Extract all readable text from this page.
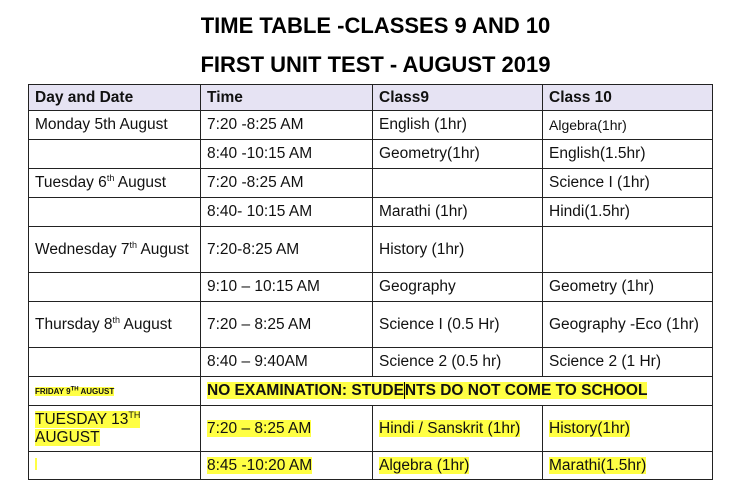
TIME TABLE -CLASSES 9 AND 10
FIRST UNIT TEST - AUGUST 2019
Day and Date	Time	Class9	Class 10
Monday 5th August	7:20 -8:25 AM	English (1hr)	Algebra(1hr)
	8:40 -10:15 AM	Geometry(1hr)	English(1.5hr)
Tuesday 6th August	7:20 -8:25 AM		Science I (1hr)
	8:40- 10:15 AM	Marathi (1hr)	Hindi(1.5hr)
Wednesday 7th August	7:20-8:25 AM	History (1hr)	
	9:10 – 10:15 AM	Geography	Geometry (1hr)
Thursday 8th August	7:20 – 8:25 AM	Science I (0.5 Hr)	Geography -Eco (1hr)
	8:40 – 9:40AM	Science 2 (0.5 hr)	Science 2 (1 Hr)
FRIDAY 9TH AUGUST	NO EXAMINATION: STUDENTS DO NOT COME TO SCHOOL		
TUESDAY 13TH AUGUST	7:20 – 8:25 AM	Hindi / Sanskrit (1hr)	History(1hr)
	8:45 -10:20 AM	Algebra (1hr)	Marathi(1.5hr)
